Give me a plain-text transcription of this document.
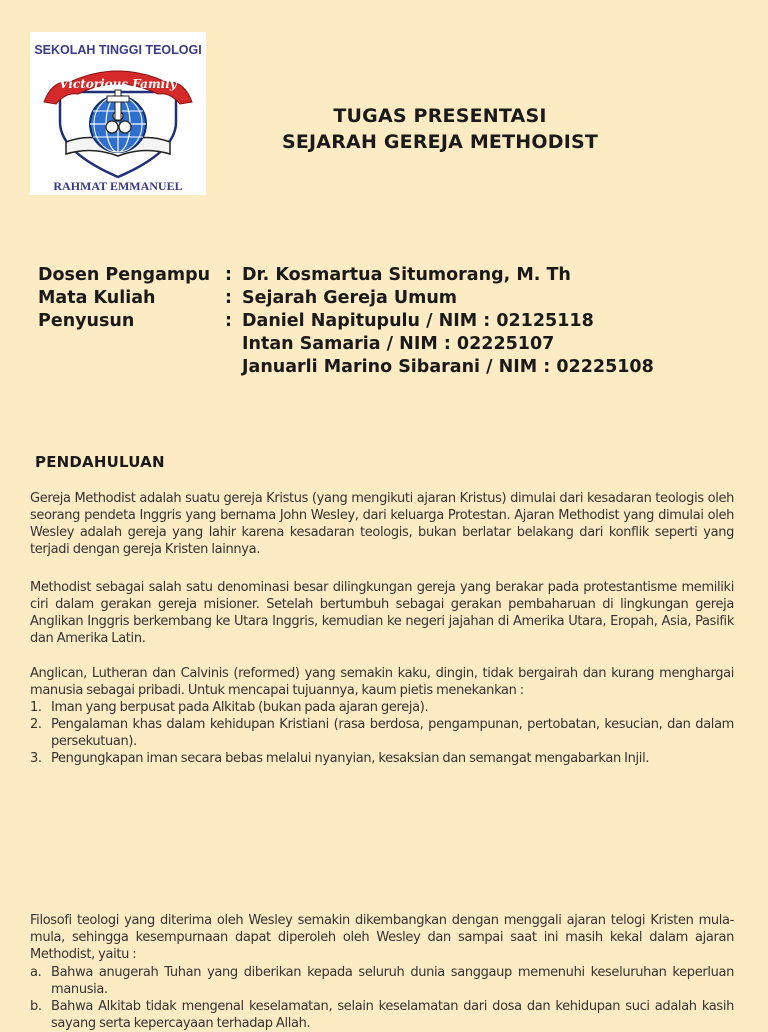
SEKOLAH TINGGI TEOLOGI
Victorious Family
RAHMAT EMMANUEL
TUGAS PRESENTASI
SEJARAH GEREJA METHODIST
Dosen Pengampu : Dr. Kosmartua Situmorang, M. Th
Mata Kuliah	: Sejarah Gereja Umum
Penyusun	: Daniel Napitupulu / NIM : 02125118
Intan Samaria / NIM : 02225107
Januarli Marino Sibarani / NIM : 02225108
PENDAHULUAN
Gereja Methodist adalah suatu gereja Kristus (yang mengikuti ajaran Kristus) dimulai dari kesadaran teologis oleh seorang pendeta Inggris yang bernama John Wesley, dari keluarga Protestan. Ajaran Methodist yang dimulai oleh Wesley adalah gereja yang lahir karena kesadaran teologis, bukan berlatar belakang dari konflik seperti yang terjadi dengan gereja Kristen lainnya.
Methodist sebagai salah satu denominasi besar dilingkungan gereja yang berakar pada protestantisme memiliki ciri dalam gerakan gereja misioner. Setelah bertumbuh sebagai gerakan pembaharuan di lingkungan gereja Anglikan Inggris berkembang ke Utara Inggris, kemudian ke negeri jajahan di Amerika Utara, Eropah, Asia, Pasifik dan Amerika Latin.
Anglican, Lutheran dan Calvinis (reformed) yang semakin kaku, dingin, tidak bergairah dan kurang menghargai manusia sebagai pribadi. Untuk mencapai tujuannya, kaum pietis menekankan :
1. Iman yang berpusat pada Alkitab (bukan pada ajaran gereja).
2. Pengalaman khas dalam kehidupan Kristiani (rasa berdosa, pengampunan, pertobatan, kesucian, dan dalam persekutuan).
3. Pengungkapan iman secara bebas melalui nyanyian, kesaksian dan semangat mengabarkan Injil.
Filosofi teologi yang diterima oleh Wesley semakin dikembangkan dengan menggali ajaran telogi Kristen mula-mula, sehingga kesempurnaan dapat diperoleh oleh Wesley dan sampai saat ini masih kekal dalam ajaran Methodist, yaitu :
a. Bahwa anugerah Tuhan yang diberikan kepada seluruh dunia sanggaup memenuhi keseluruhan keperluan manusia.
b. Bahwa Alkitab tidak mengenal keselamatan, selain keselamatan dari dosa dan kehidupan suci adalah kasih sayang serta kepercayaan terhadap Allah.
